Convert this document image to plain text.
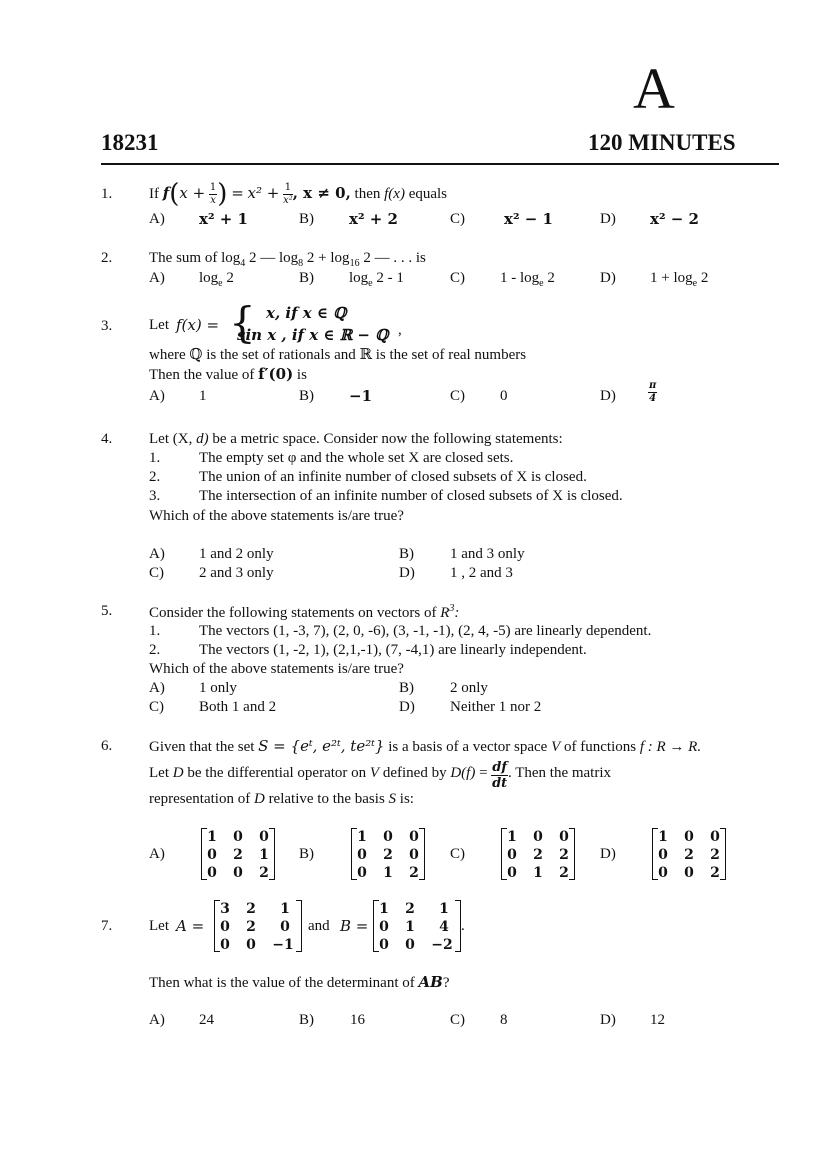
A
18231	120 MINUTES
1. If $f(x + \frac{1}{x}$ ) = $x^2 + \frac{1}{\text{x²}}$ , x ≠ 0, then f(x) equals
A) x² + 1	B) x² + 2	C)	x² − 1	D) x² − 2
2. The sum of $\log_4 2$ — $\log_8 2 + \log_{16} 2$ — . . . is
A) $\log_e 2$	B) $\log_e 2 - 1$	C) $1 - \log_e 2$	D) $1 + \log_e 2$
3. Let f(x) = { x, if x ∈ ℚ
sin x , if x ∈ ℝ − ℚ ,
where ℚ is the set of rationals and ℝ is the set of real numbers
Then the value of f′(0) is
A) 1	B) −1	C) 0	D)	$\frac{\pi}{4}$
4. Let (X, d) be a metric space. Consider now the following statements:
1.	The empty set φ and the whole set X are closed sets.
2.	The union of an infinite number of closed subsets of X is closed.
3.	The intersection of an infinite number of closed subsets of X is closed.
Which of the above statements is/are true?
A) 1 and 2 only	B) 1 and 3 only
C) 2 and 3 only	D) 1 , 2 and 3
5. Consider the following statements on vectors of $R^3$:
1.	The vectors (1, -3, 7), (2, 0, -6), (3, -1, -1), (2, 4, -5) are linearly dependent.
2.	The vectors (1, -2, 1), (2,1,-1), (7, -4,1) are linearly independent.
Which of the above statements is/are true?
A) 1 only	B) 2 only
C) Both 1 and 2	D) Neither 1 nor 2
6. Given that the set S = {eᵗ, e²ᵗ, te²ᵗ} is a basis of a vector space V of functions f : R → R.
Let D be the differential operator on V defined by $D(f) = \frac{df}{dt}$ . Then the matrix
representation of D relative to the basis S is:
A)
1	0	0
0	2	1
0	0	2
B)
1	0	0
0	2	0
0	1	2
C)
1	0	0
0	2	2
0	1	2
D)
1	0	0
0	2	2
0	0	2
7. Let A =
3	2	1
0	2	0
0	0	−1
and B =
1	2	1
0	1	4
0	0	−2
.
Then what is the value of the determinant of AB?
A) 24	B) 16	C) 8	D) 12
